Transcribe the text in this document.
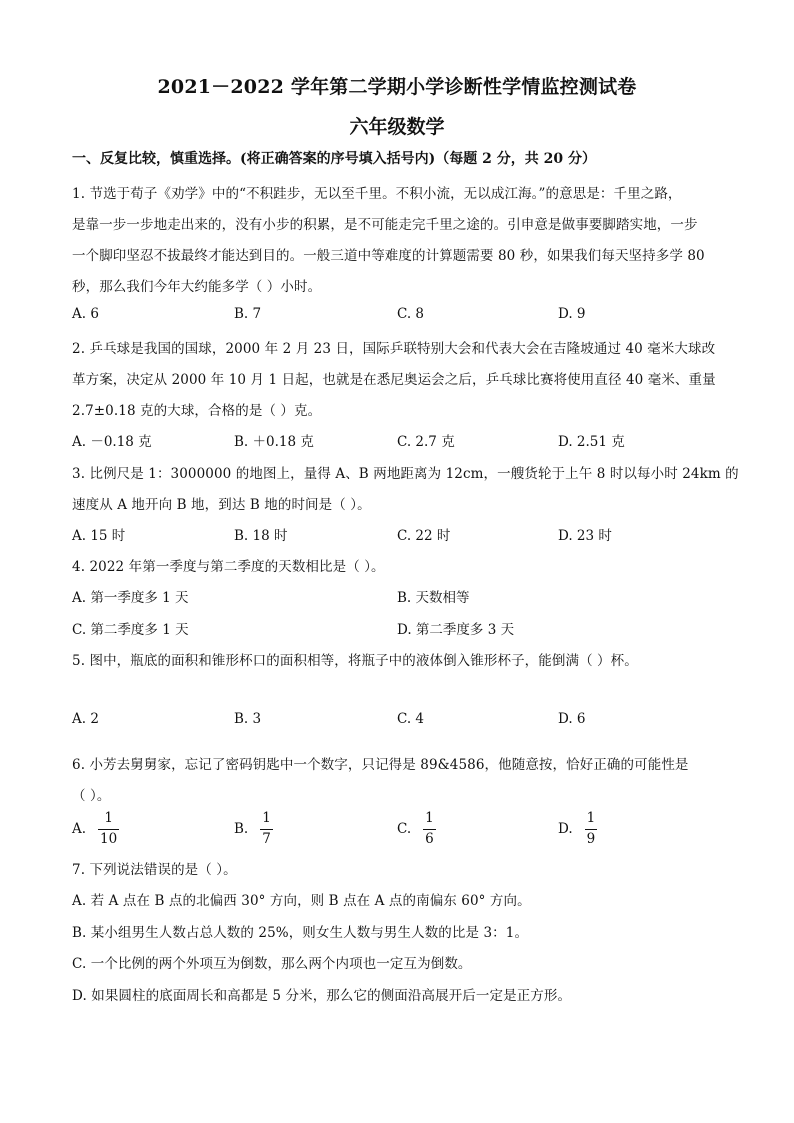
2021－2022 学年第二学期小学诊断性学情监控测试卷
六年级数学
一、反复比较，慎重选择。(将正确答案的序号填入括号内)（每题 2 分，共 20 分）
1. 节选于荀子《劝学》中的“不积跬步，无以至千里。不积小流，无以成江海。”的意思是：千里之路，
是靠一步一步地走出来的，没有小步的积累，是不可能走完千里之途的。引申意是做事要脚踏实地，一步
一个脚印坚忍不拔最终才能达到目的。一般三道中等难度的计算题需要 80 秒，如果我们每天坚持多学 80
秒，那么我们今年大约能多学（ ）小时。
A. 6	B. 7	C. 8	D. 9
2. 乒乓球是我国的国球，2000 年 2 月 23 日，国际乒联特别大会和代表大会在吉隆坡通过 40 毫米大球改
革方案，决定从 2000 年 10 月 1 日起，也就是在悉尼奥运会之后，乒乓球比赛将使用直径 40 毫米、重量
2.7±0.18 克的大球，合格的是（ ）克。
A. －0.18 克	B. ＋0.18 克	C. 2.7 克	D. 2.51 克
3. 比例尺是 1：3000000 的地图上，量得 A、B 两地距离为 12cm，一艘货轮于上午 8 时以每小时 24km 的
速度从 A 地开向 B 地，到达 B 地的时间是（ ）。
A. 15 时	B. 18 时	C. 22 时	D. 23 时
4. 2022 年第一季度与第二季度的天数相比是（ ）。
A. 第一季度多 1 天	B. 天数相等
C. 第二季度多 1 天	D. 第二季度多 3 天
5. 图中，瓶底的面积和锥形杯口的面积相等，将瓶子中的液体倒入锥形杯子，能倒满（ ）杯。
A. 2	B. 3	C. 4	D. 6
6. 小芳去舅舅家，忘记了密码钥匙中一个数字，只记得是 89&4586，他随意按，恰好正确的可能性是
（ ）。
A. $\frac{1}{10}$	B. $\frac{1}{7}$	C. $\frac{1}{6}$	D. $\frac{1}{9}$
7. 下列说法错误的是（ ）。
A. 若 A 点在 B 点的北偏西 30° 方向，则 B 点在 A 点的南偏东 60° 方向。
B. 某小组男生人数占总人数的 25%，则女生人数与男生人数的比是 3：1。
C. 一个比例的两个外项互为倒数，那么两个内项也一定互为倒数。
D. 如果圆柱的底面周长和高都是 5 分米，那么它的侧面沿高展开后一定是正方形。
